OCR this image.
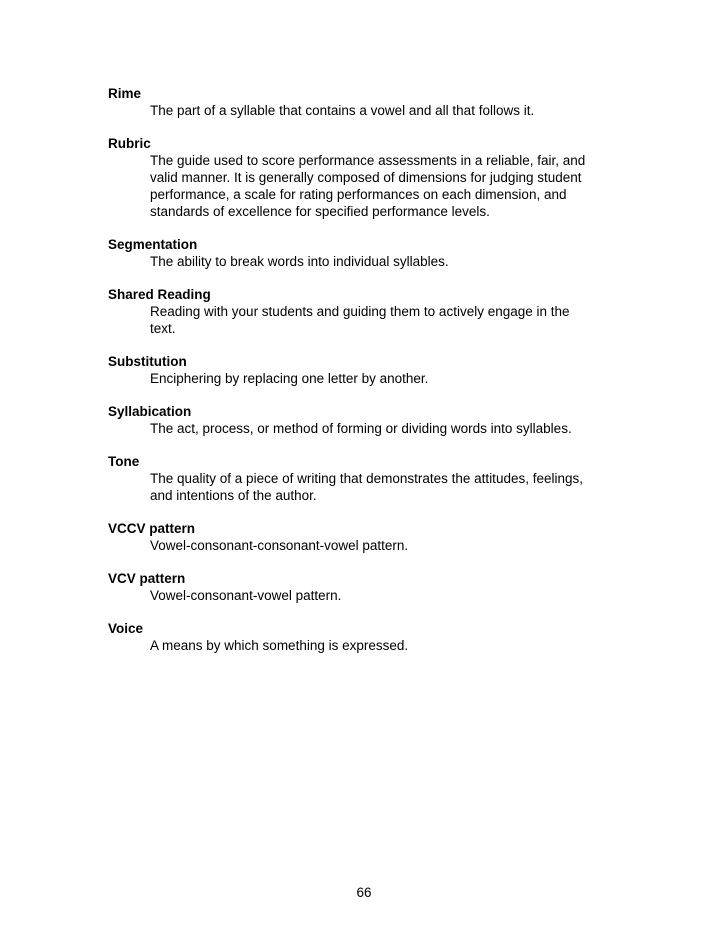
Rime
The part of a syllable that contains a vowel and all that follows it.
Rubric
The guide used to score performance assessments in a reliable, fair, and
valid manner. It is generally composed of dimensions for judging student
performance, a scale for rating performances on each dimension, and
standards of excellence for specified performance levels.
Segmentation
The ability to break words into individual syllables.
Shared Reading
Reading with your students and guiding them to actively engage in the
text.
Substitution
Enciphering by replacing one letter by another.
Syllabication
The act, process, or method of forming or dividing words into syllables.
Tone
The quality of a piece of writing that demonstrates the attitudes, feelings,
and intentions of the author.
VCCV pattern
Vowel-consonant-consonant-vowel pattern.
VCV pattern
Vowel-consonant-vowel pattern.
Voice
A means by which something is expressed.
66
